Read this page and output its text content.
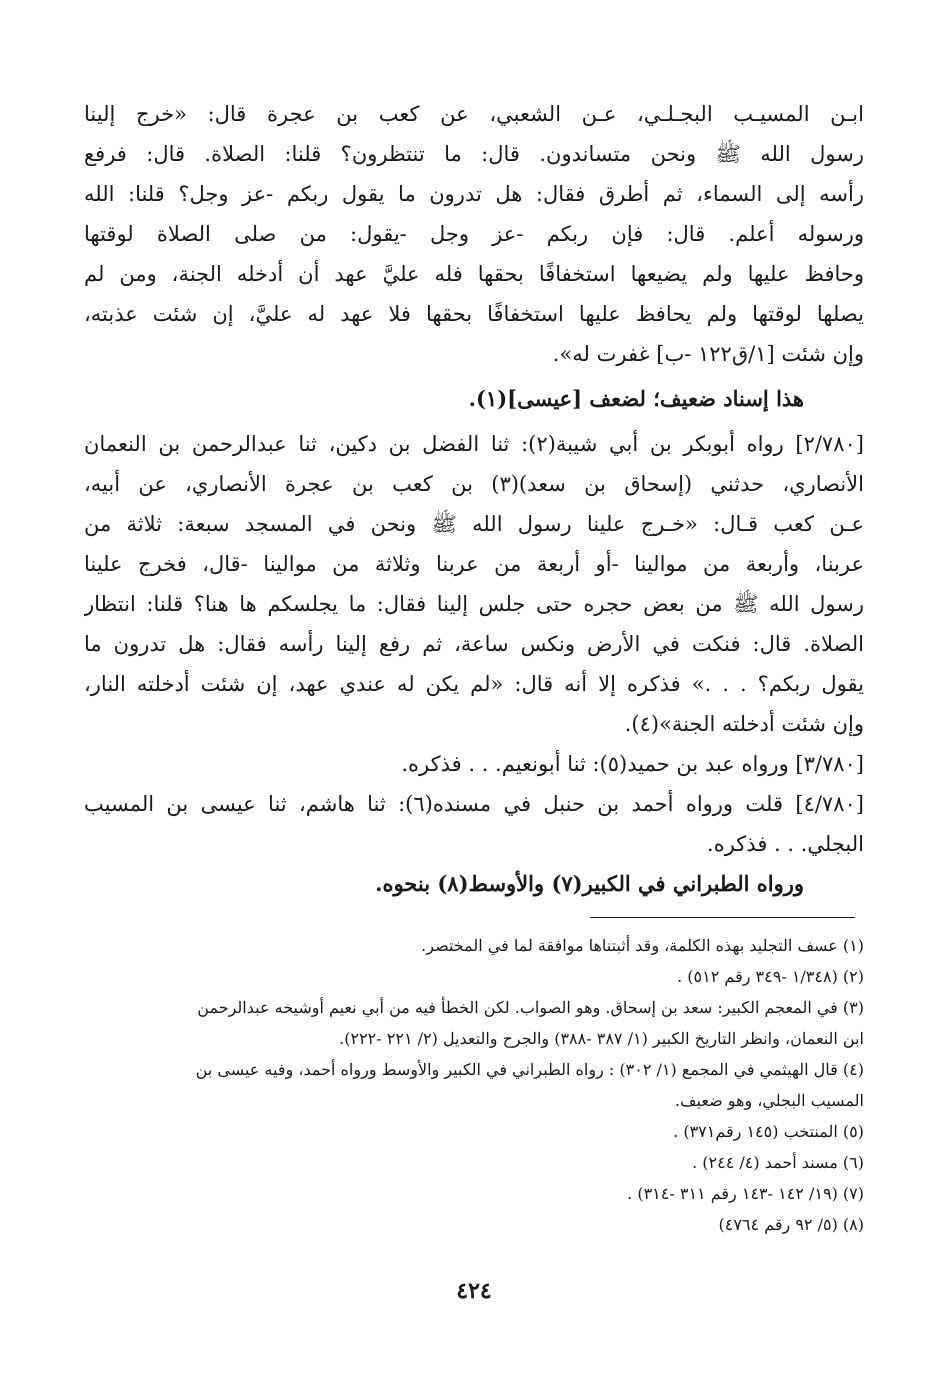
ابـن المسيـب البجـلـي، عـن الشعبي، عن كعب بن عجرة قال: «خرج إلينا
رسول الله ﷺ ونحن متساندون. قال: ما تنتظرون؟ قلنا: الصلاة. قال: فرفع
رأسه إلى السماء، ثم أطرق فقال: هل تدرون ما يقول ربكم -عز وجل؟ قلنا: الله
ورسوله أعلم. قال: فإن ربكم -عز وجل -يقول: من صلى الصلاة لوقتها
وحافظ عليها ولم يضيعها استخفافًا بحقها فله عليَّ عهد أن أدخله الجنة، ومن لم
يصلها لوقتها ولم يحافظ عليها استخفافًا بحقها فلا عهد له عليَّ، إن شئت عذبته،
وإن شئت [١/ق١٢٢ -ب] غفرت له».
هذا إسناد ضعيف؛ لضعف [عيسى](١).
[٢/٧٨٠] رواه أبوبكر بن أبي شيبة(٢): ثنا الفضل بن دكين، ثنا عبدالرحمن بن النعمان
الأنصاري، حدثني (إسحاق بن سعد)(٣) بن كعب بن عجرة الأنصاري، عن أبيه،
عـن كعب قـال: «خـرج علينا رسول الله ﷺ ونحن في المسجد سبعة: ثلاثة من
عربنا، وأربعة من موالينا -أو أربعة من عربنا وثلاثة من موالينا -قال، فخرج علينا
رسول الله ﷺ من بعض حجره حتى جلس إلينا فقال: ما يجلسكم ها هنا؟ قلنا: انتظار
الصلاة. قال: فنكت في الأرض ونكس ساعة، ثم رفع إلينا رأسه فقال: هل تدرون ما
يقول ربكم؟ . . .» فذكره إلا أنه قال: «لم يكن له عندي عهد، إن شئت أدخلته النار،
وإن شئت أدخلته الجنة»(٤).
[٣/٧٨٠] ورواه عبد بن حميد(٥): ثنا أبونعيم. . . فذكره.
[٤/٧٨٠] قلت ورواه أحمد بن حنبل في مسنده(٦): ثنا هاشم، ثنا عيسى بن المسيب
البجلي. . . فذكره.
ورواه الطبراني في الكبير(٧) والأوسط(٨) بنحوه.
(١) عسف التجليد بهذه الكلمة، وقد أثبتناها موافقة لما في المختصر.
(٢) (١/٣٤٨ -٣٤٩ رقم ٥١٢) .
(٣) في المعجم الكبير: سعد بن إسحاق. وهو الصواب. لكن الخطأ فيه من أبي نعيم أوشيخه عبدالرحمن
ابن النعمان، وانظر التاريخ الكبير (١/ ٣٨٧ -٣٨٨) والجرح والتعديل (٢/ ٢٢١ -٢٢٢).
(٤) قال الهيثمي في المجمع (١/ ٣٠٢) : رواه الطبراني في الكبير والأوسط ورواه أحمد، وفيه عيسى بن
المسيب البجلي، وهو ضعيف.
(٥) المنتخب (١٤٥ رقم٣٧١) .
(٦) مسند أحمد (٤/ ٢٤٤) .
(٧) (١٩/ ١٤٢ -١٤٣ رقم ٣١١ -٣١٤) .
(٨) (٥/ ٩٢ رقم ٤٧٦٤)
٤٢٤
